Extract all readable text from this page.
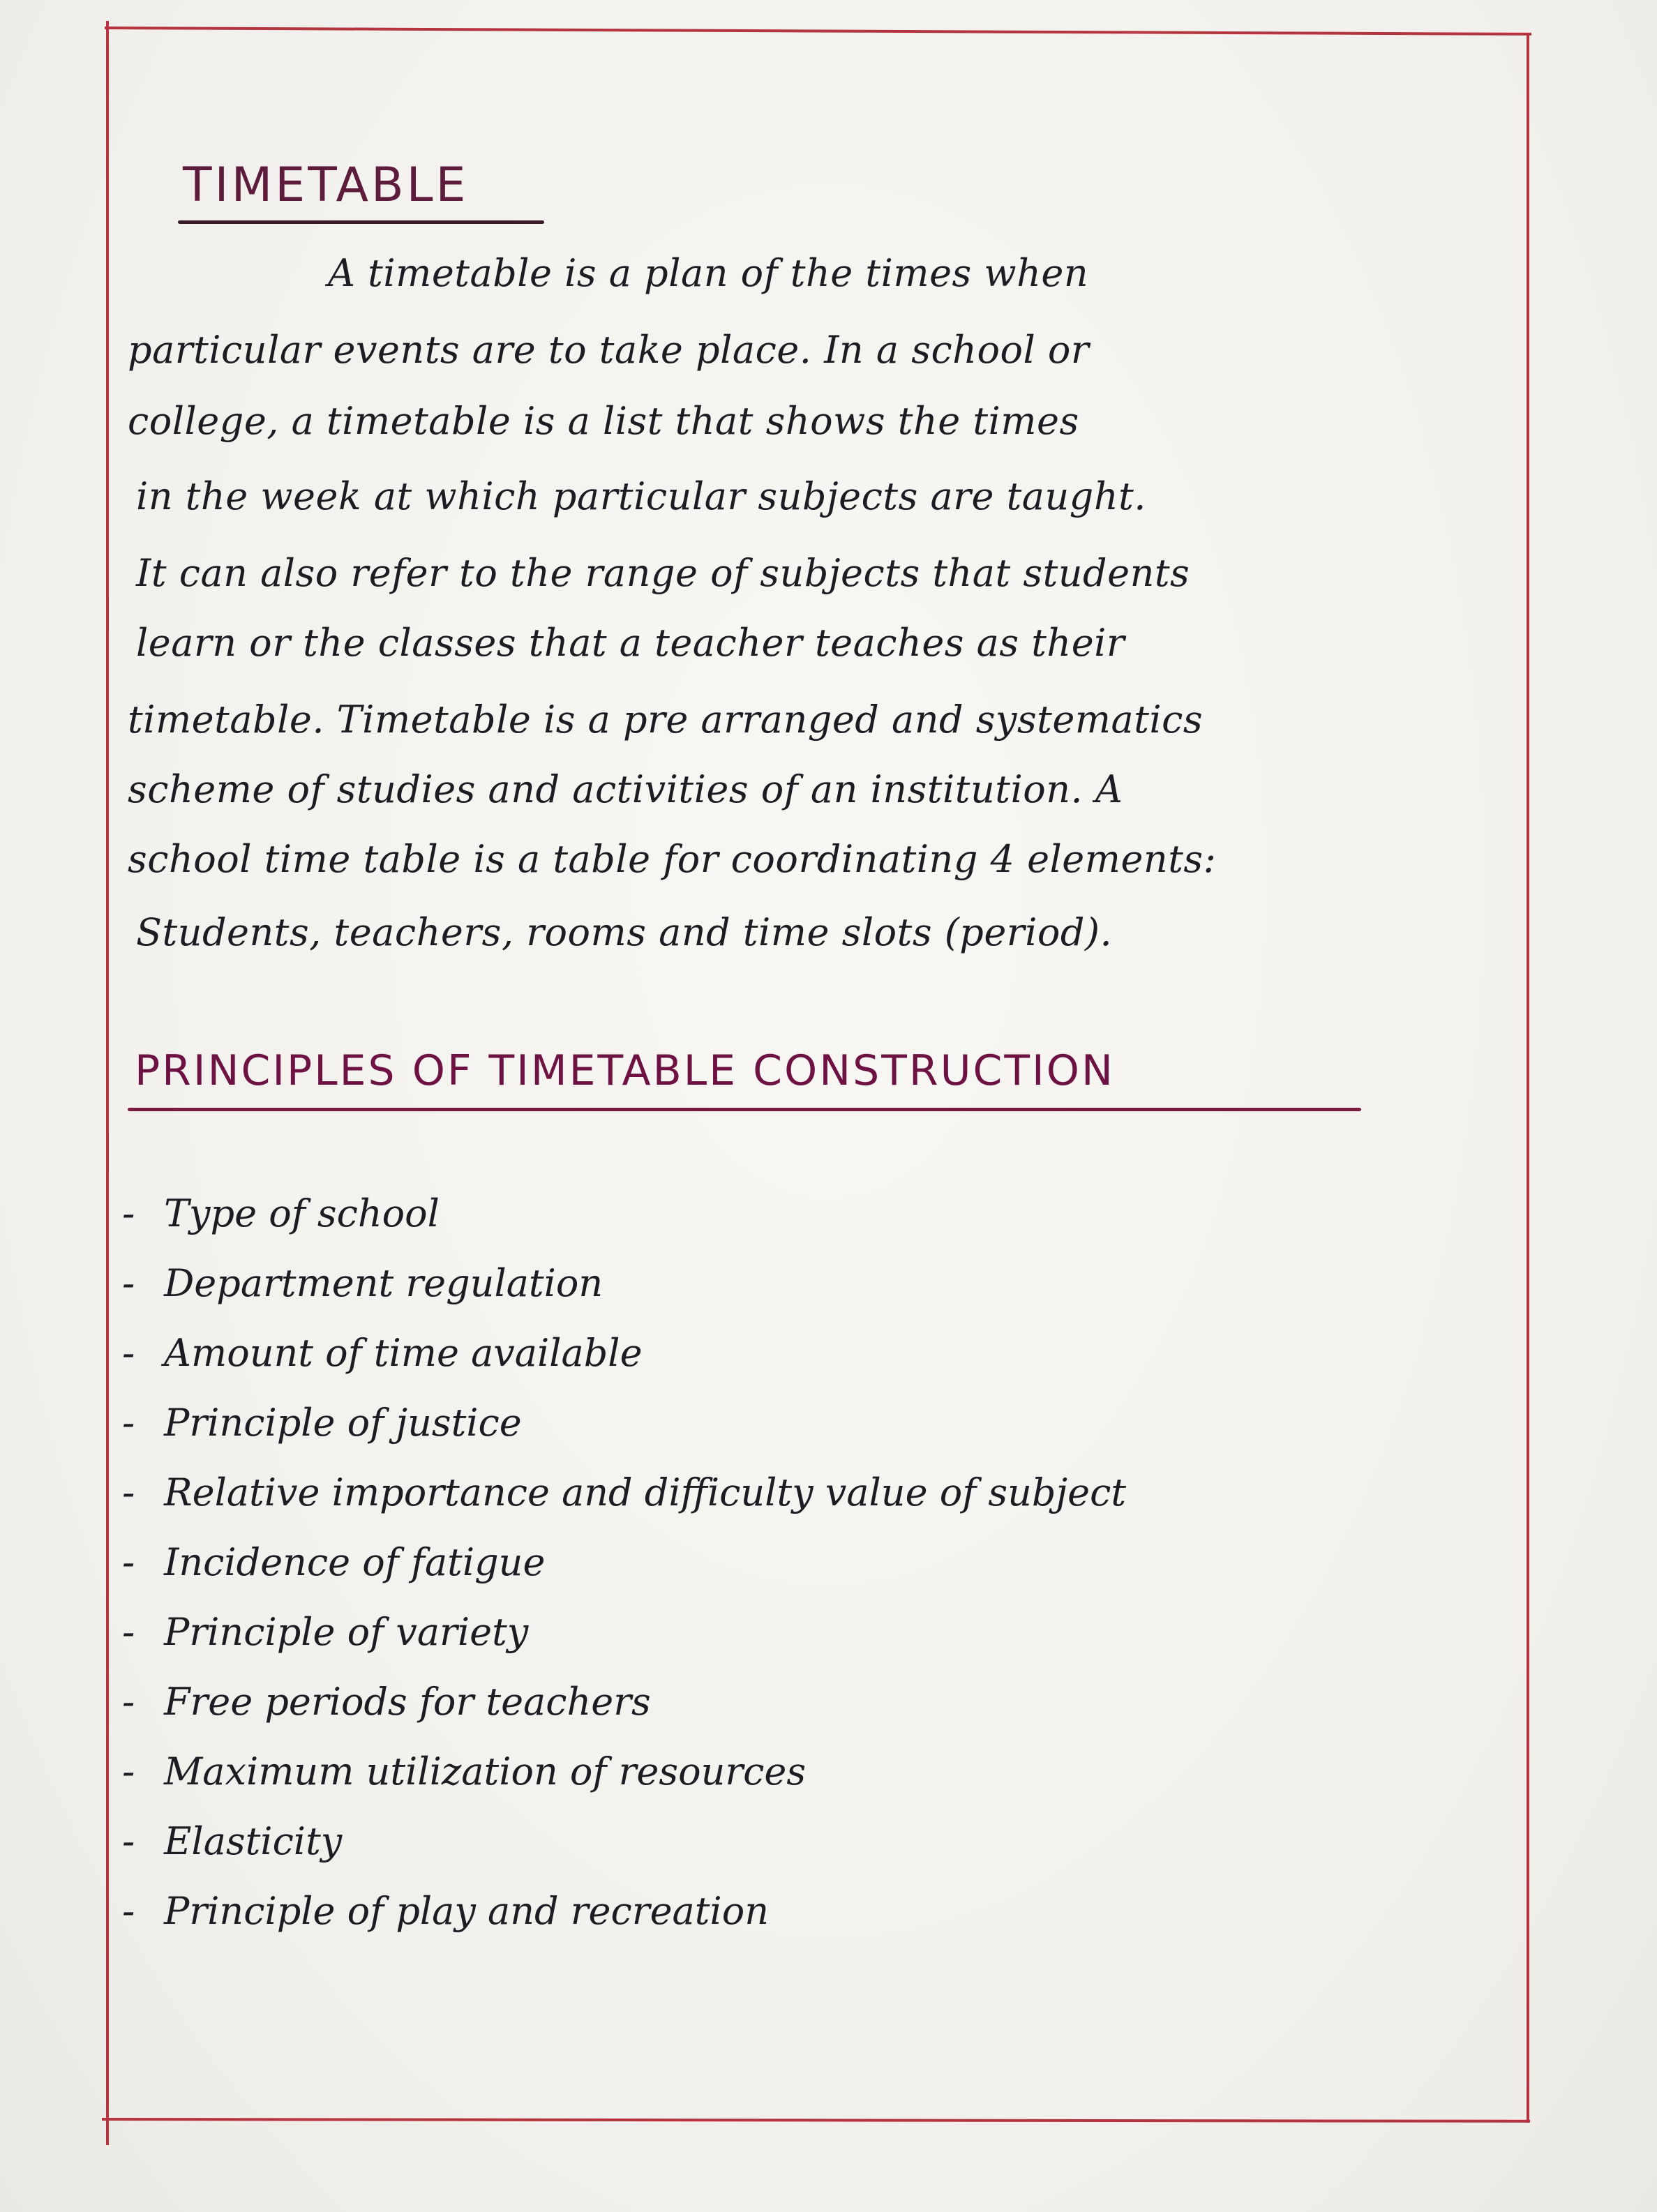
TIMETABLE
A timetable is a plan of the times when
particular events are to take place. In a school or
college, a timetable is a list that shows the times
in the week at which particular subjects are taught.
It can also refer to the range of subjects that students
learn or the classes that a teacher teaches as their
timetable. Timetable is a pre arranged and systematics
scheme of studies and activities of an institution. A
school time table is a table for coordinating 4 elements:
Students, teachers, rooms and time slots (period).
PRINCIPLES OF TIMETABLE CONSTRUCTION
- Type of school
- Department regulation
- Amount of time available
- Principle of justice
- Relative importance and difficulty value of subject
- Incidence of fatigue
- Principle of variety
- Free periods for teachers
- Maximum utilization of resources
- Elasticity
- Principle of play and recreation
